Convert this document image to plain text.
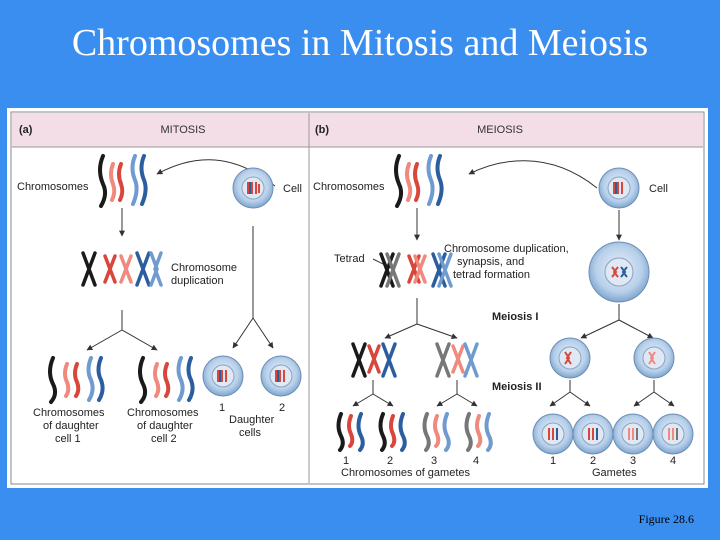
Chromosomes in Mitosis and Meiosis
(a)	MITOSIS	(b)	MEIOSIS
Chromosomes	Cell
Chromosome
duplication
Chromosomes
of daughter
cell 1
Chromosomes
of daughter
cell 2
1	2
Daughter
cells
Chromosomes	Cell
Tetrad
Chromosome duplication,
synapsis, and
tetrad formation
Meiosis I
Meiosis II
1	2	3	4
Chromosomes of gametes
1	2	3	4
Gametes
Figure 28.6
